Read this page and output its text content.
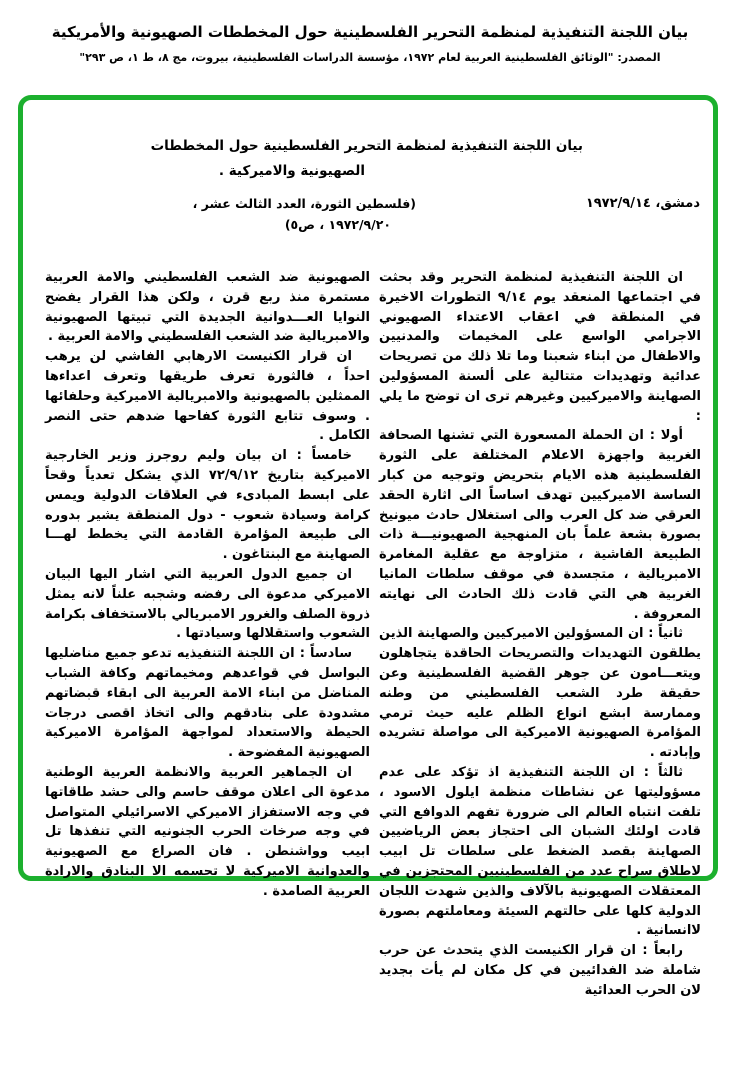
بيان اللجنة التنفيذية لمنظمة التحرير الفلسطينية حول المخططات الصهيونية والأمريكية
المصدر: "الوثائق الفلسطينية العربية لعام ١٩٧٢، مؤسسة الدراسات الفلسطينية، بيروت، مج ٨، ط ١، ص ٢٩٣"
بيان اللجنة التنفيذية لمنظمة التحرير الفلسطينية حول المخططات
الصهيونية والاميركية .
دمشق، ١٩٧٢/٩/١٤
(فلسطين الثورة، العدد الثالث عشر ،
١٩٧٢/٩/٢٠ ، ص٥)

ان اللجنة التنفيذية لمنظمة التحرير وقد بحثت في اجتماعها المنعقد يوم ٩/١٤ التطورات الاخيرة في المنطقة في اعقاب الاعتداء الصهيوني الاجرامي الواسع على المخيمات والمدنيين والاطفال من ابناء شعبنا وما تلا ذلك من تصريحات عدائية وتهديدات متتالية على ألسنة المسؤولين الصهاينة والاميركيين وغيرهم ترى ان توضح ما يلي :

أولا : ان الحملة المسعورة التي تشنها الصحافة الغربية واجهزة الاعلام المختلفة على الثورة الفلسطينية هذه الايام بتحريض وتوجيه من كبار الساسة الاميركيين تهدف اساساً الى اثارة الحقد العرقي ضد كل العرب والى استغلال حادث ميونيخ بصورة بشعة علماً بان المنهجية الصهيونيـــة ذات الطبيعة الفاشية ، متزاوجة مع عقلية المغامرة الامبريالية ، متجسدة في موقف سلطات المانيا الغربية هي التي قادت ذلك الحادث الى نهايته المعروفة .

ثانياً : ان المسؤولين الاميركيين والصهاينة الذين يطلقون التهديدات والتصريحات الحاقدة يتجاهلون ويتعـــامون عن جوهر القضية الفلسطينية وعن حقيقة طرد الشعب الفلسطيني من وطنه وممارسة ابشع انواع الظلم عليه حيث ترمي المؤامرة الصهيونية الاميركية الى مواصلة تشريده وإبادته .

ثالثاً : ان اللجنة التنفيذية اذ تؤكد على عدم مسؤوليتها عن نشاطات منظمة ايلول الاسود ، تلفت انتباه العالم الى ضرورة تفهم الدوافع التي قادت اولئك الشبان الى احتجاز بعض الرياضيين الصهاينة بقصد الضغط على سلطات تل ابيب لاطلاق سراح عدد من الفلسطينيين المحتجزين في المعتقلات الصهيونية بالآلاف والذين شهدت اللجان الدولية كلها على حالتهم السيئة ومعاملتهم بصورة لاانسانية .

رابعاً : ان قرار الكنيست الذي يتحدث عن حرب شاملة ضد الفدائيين في كل مكان لم يأت بجديد لان الحرب العدائية

الصهيونية ضد الشعب الفلسطيني والامة العربية مستمرة منذ ربع قرن ، ولكن هذا القرار يفضح النوايا العـــدوانية الجديدة التي تبيتها الصهيونية والامبريالية ضد الشعب الفلسطيني والامة العربية .

ان قرار الكنيست الارهابي الفاشي لن يرهب احداً ، فالثورة تعرف طريقها وتعرف اعداءها الممثلين بالصهيونية والامبريالية الاميركية وحلفائها . وسوف تتابع الثورة كفاحها ضدهم حتى النصر الكامل .

خامساً : ان بيان وليم روجرز وزير الخارجية الاميركية بتاريخ ٧٢/٩/١٢ الذي يشكل تعدياً وقحاً على ابسط المبادىء في العلاقات الدولية ويمس كرامة وسيادة شعوب - دول المنطقة يشير بدوره الى طبيعة المؤامرة القادمة التي يخطط لهـــا الصهاينة مع البنتاغون .

ان جميع الدول العربية التي اشار اليها البيان الاميركي مدعوة الى رفضه وشجبه علناً لانه يمثل ذروة الصلف والغرور الامبريالي بالاستخفاف بكرامة الشعوب واستقلالها وسيادتها .

سادساً : ان اللجنة التنفيذيه تدعو جميع مناضليها البواسل في قواعدهم ومخيماتهم وكافة الشباب المناضل من ابناء الامة العربية الى ابقاء قبضاتهم مشدودة على بنادقهم والى اتخاذ اقصى درجات الحيطة والاستعداد لمواجهة المؤامرة الاميركية الصهيونية المفضوحة .

ان الجماهير العربية والانظمة العربية الوطنية مدعوة الى اعلان موقف حاسم والى حشد طاقاتها في وجه الاستفزاز الاميركي الاسرائيلي المتواصل في وجه صرخات الحرب الجنونيه التي تنفذها تل ابيب وواشنطن . فان الصراع مع الصهيونية والعدوانية الاميركية لا تحسمه الا البنادق والارادة العربية الصامدة .
